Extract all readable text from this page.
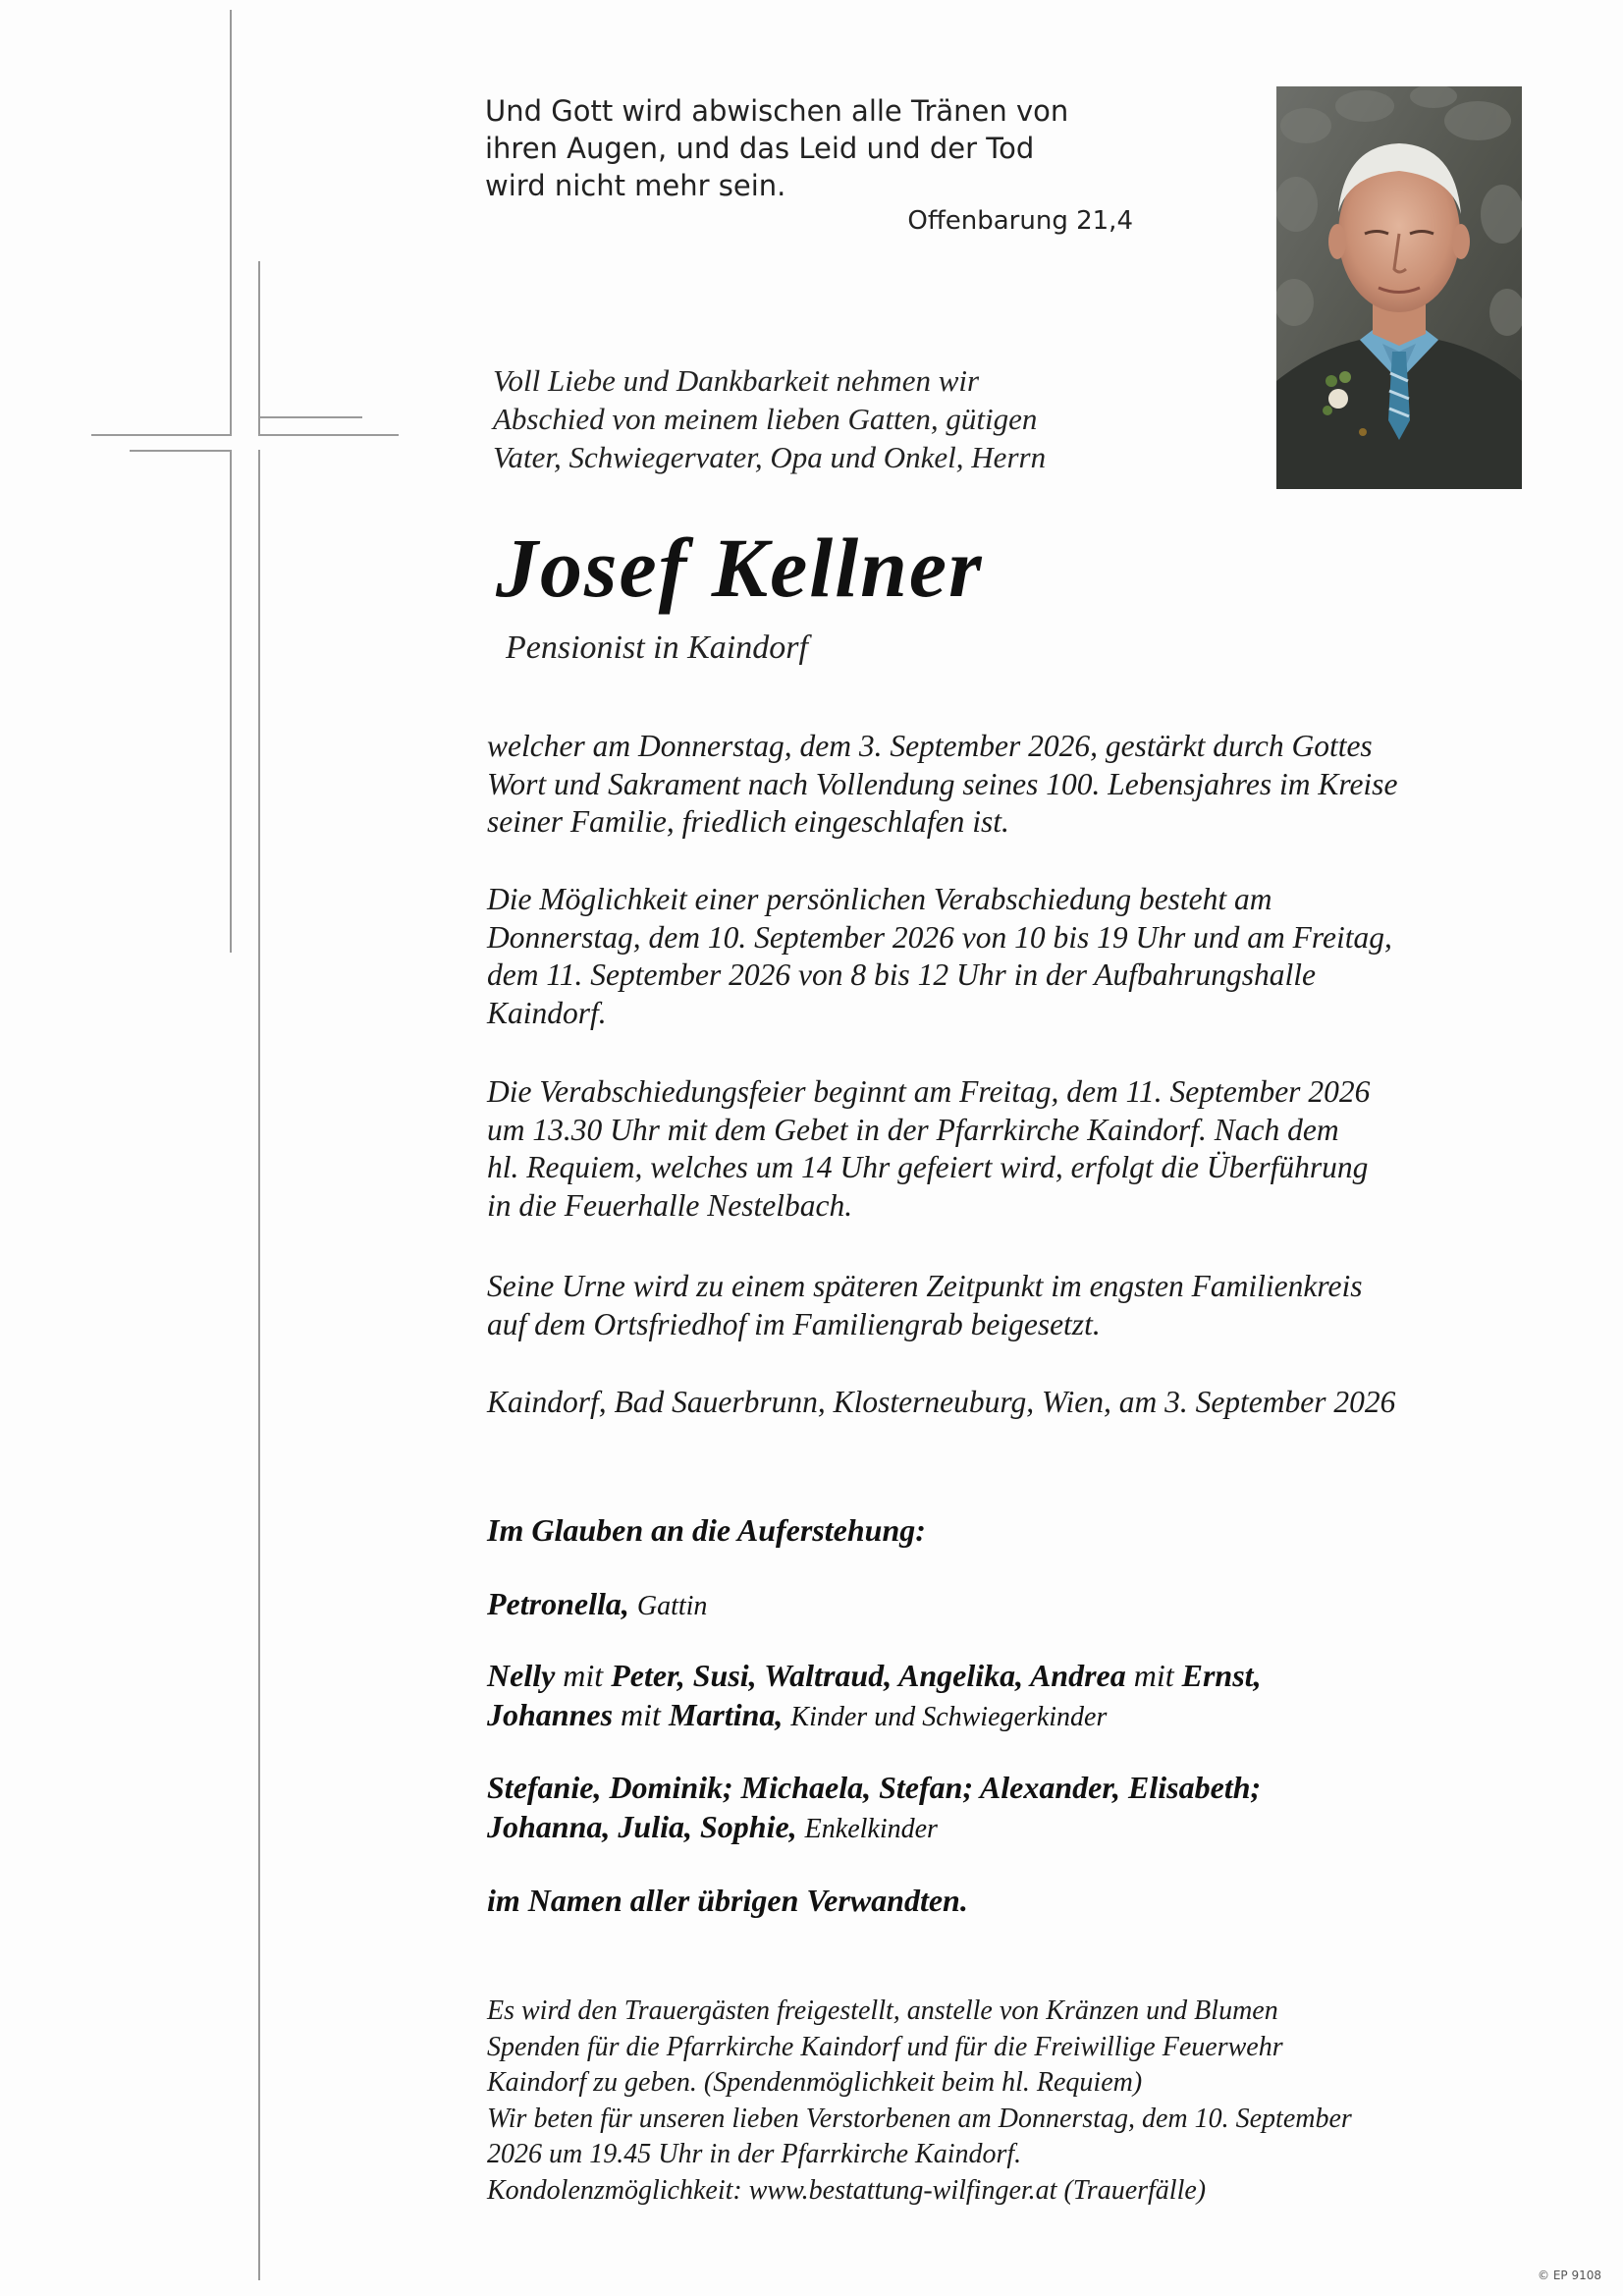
Und Gott wird abwischen alle Tränen von
ihren Augen, und das Leid und der Tod
wird nicht mehr sein.
Offenbarung 21,4
Voll Liebe und Dankbarkeit nehmen wir
Abschied von meinem lieben Gatten, gütigen
Vater, Schwiegervater, Opa und Onkel, Herrn
Josef Kellner
Pensionist in Kaindorf
welcher am Donnerstag, dem 3. September 2026, gestärkt durch Gottes
Wort und Sakrament nach Vollendung seines 100. Lebensjahres im Kreise
seiner Familie, friedlich eingeschlafen ist.
Die Möglichkeit einer persönlichen Verabschiedung besteht am
Donnerstag, dem 10. September 2026 von 10 bis 19 Uhr und am Freitag,
dem 11. September 2026 von 8 bis 12 Uhr in der Aufbahrungshalle
Kaindorf.
Die Verabschiedungsfeier beginnt am Freitag, dem 11. September 2026
um 13.30 Uhr mit dem Gebet in der Pfarrkirche Kaindorf. Nach dem
hl. Requiem, welches um 14 Uhr gefeiert wird, erfolgt die Überführung
in die Feuerhalle Nestelbach.
Seine Urne wird zu einem späteren Zeitpunkt im engsten Familienkreis
auf dem Ortsfriedhof im Familiengrab beigesetzt.
Kaindorf, Bad Sauerbrunn, Klosterneuburg, Wien, am 3. September 2026
Im Glauben an die Auferstehung:
Petronella, Gattin
Nelly mit Peter, Susi, Waltraud, Angelika, Andrea mit Ernst,
Johannes mit Martina, Kinder und Schwiegerkinder
Stefanie, Dominik; Michaela, Stefan; Alexander, Elisabeth;
Johanna, Julia, Sophie, Enkelkinder
im Namen aller übrigen Verwandten.
Es wird den Trauergästen freigestellt, anstelle von Kränzen und Blumen
Spenden für die Pfarrkirche Kaindorf und für die Freiwillige Feuerwehr
Kaindorf zu geben. (Spendenmöglichkeit beim hl. Requiem)
Wir beten für unseren lieben Verstorbenen am Donnerstag, dem 10. September
2026 um 19.45 Uhr in der Pfarrkirche Kaindorf.
Kondolenzmöglichkeit: www.bestattung-wilfinger.at (Trauerfälle)
© EP 9108
